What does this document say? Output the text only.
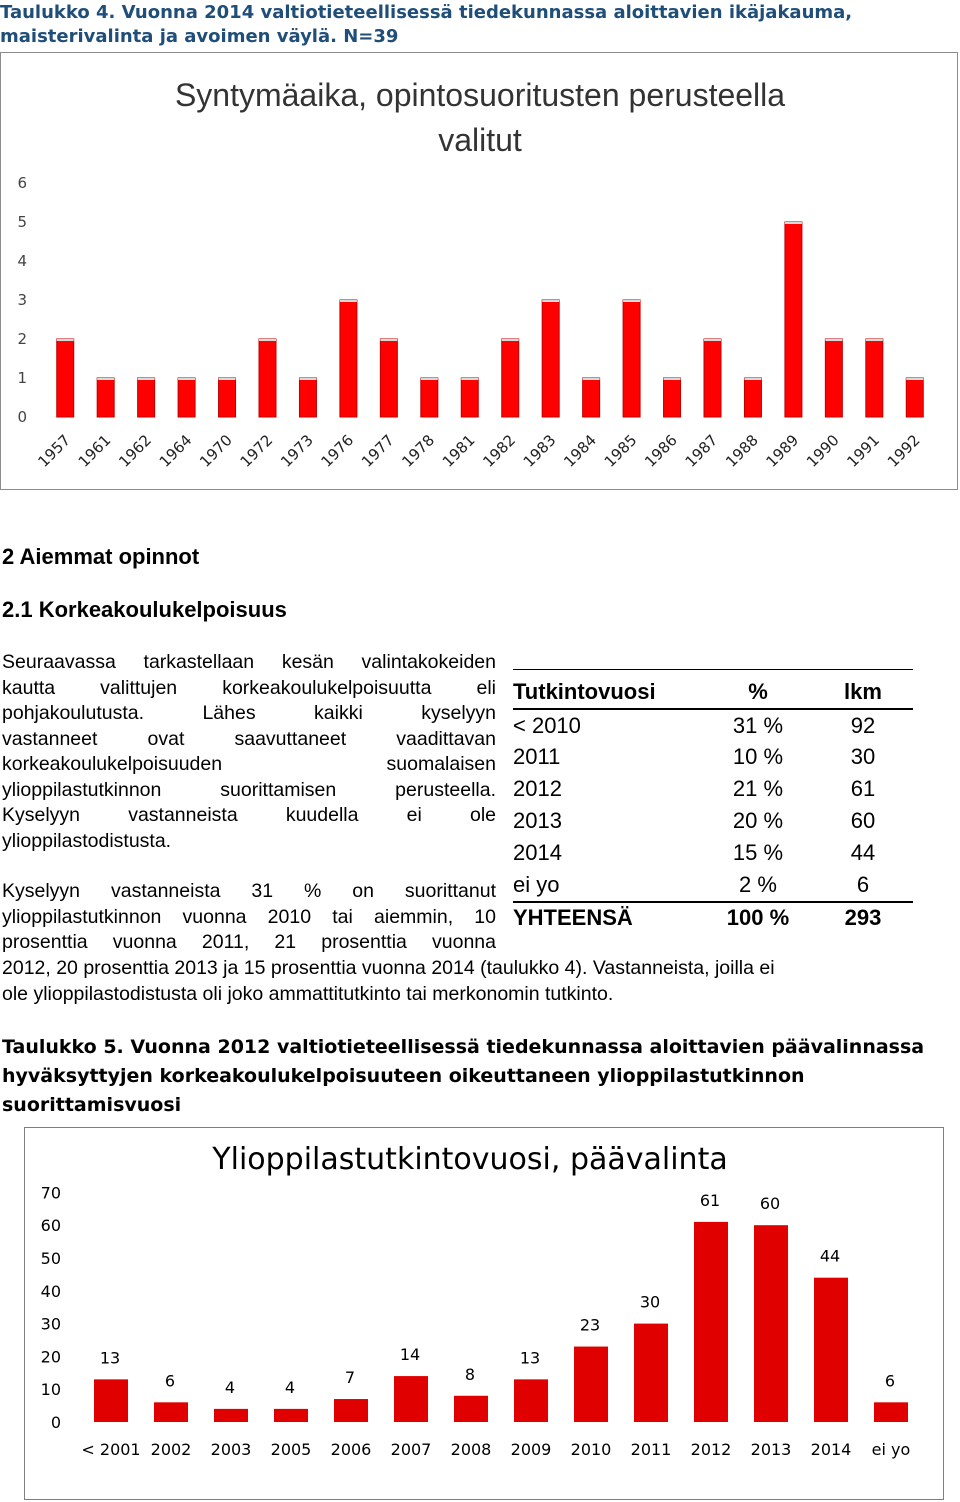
Taulukko 4. Vuonna 2014 valtiotieteellisessä tiedekunnassa aloittavien ikäjakauma,
maisterivalinta ja avoimen väylä. N=39
Syntymäaika, opintosuoritusten perusteella
valitut
0
1
2
3
4
5
6
1957 1961 1962 1964 1970 1972 1973 1976 1977 1978 1981 1982 1983 1984 1985 1986 1987 1988 1989 1990 1991 1992
2 Aiemmat opinnot
2.1 Korkeakoulukelpoisuus
Seuraavassa tarkastellaan kesän valintakokeiden
kautta valittujen korkeakoulukelpoisuutta eli
pohjakoulutusta. Lähes kaikki kyselyyn
vastanneet ovat saavuttaneet vaadittavan
korkeakoulukelpoisuuden suomalaisen
ylioppilastutkinnon suorittamisen perusteella.
Kyselyyn vastanneista kuudella ei ole
ylioppilastodistusta.
Kyselyyn vastanneista 31 % on suorittanut
ylioppilastutkinnon vuonna 2010 tai aiemmin, 10
prosenttia vuonna 2011, 21 prosenttia vuonna
2012, 20 prosenttia 2013 ja 15 prosenttia vuonna 2014 (taulukko 4). Vastanneista, joilla ei
ole ylioppilastodistusta oli joko ammattitutkinto tai merkonomin tutkinto.
Tutkintovuosi	%	lkm
< 2010	31 %	92
2011	10 %	30
2012	21 %	61
2013	20 %	60
2014	15 %	44
ei yo	2 %	6
YHTEENSÄ	100 %	293
Taulukko 5. Vuonna 2012 valtiotieteellisessä tiedekunnassa aloittavien päävalinnassa
hyväksyttyjen korkeakoulukelpoisuuteen oikeuttaneen ylioppilastutkinnon
suorittamisvuosi
Ylioppilastutkintovuosi, päävalinta
0
10
20
30
40
50
60
70
13
< 2001
6
2002
4
2003
4
2005
7
2006
14
2007
8
2008
13
2009
23
2010
30
2011
61
2012
60
2013
44
2014
6
ei yo
